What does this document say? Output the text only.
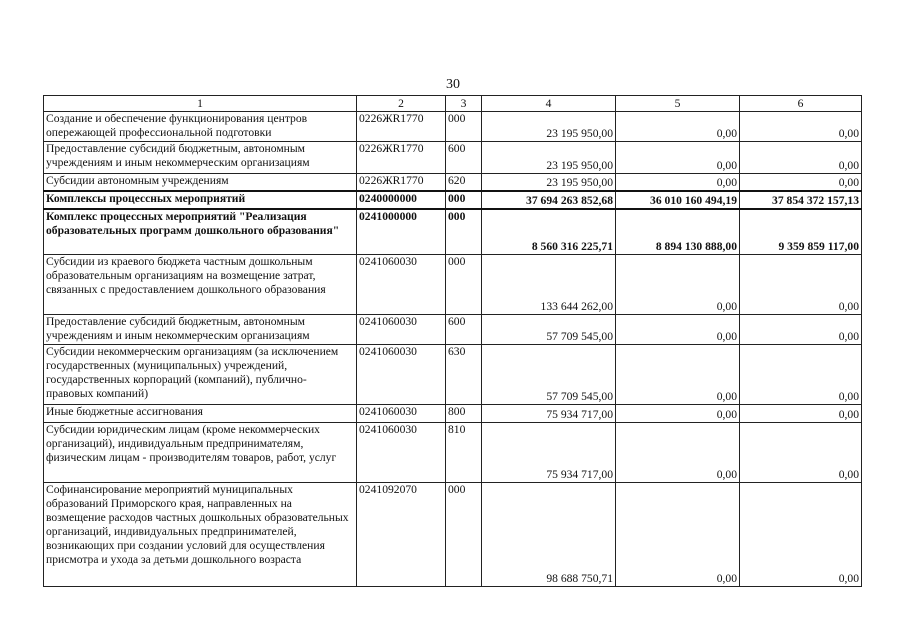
30
1	2	3	4	5	6
Создание и обеспечение функционирования центров опережающей профессиональной подготовки	0226ЖR1770	000	23 195 950,00	0,00	0,00
Предоставление субсидий бюджетным, автономным учреждениям и иным некоммерческим организациям	0226ЖR1770	600	23 195 950,00	0,00	0,00
Субсидии автономным учреждениям	0226ЖR1770	620	23 195 950,00	0,00	0,00
Комплексы процессных мероприятий	0240000000	000	37 694 263 852,68	36 010 160 494,19	37 854 372 157,13
Комплекс процессных мероприятий "Реализация образовательных программ дошкольного образования"	0241000000	000	8 560 316 225,71	8 894 130 888,00	9 359 859 117,00
Субсидии из краевого бюджета частным дошкольным образовательным организациям на возмещение затрат, связанных с предоставлением дошкольного образования	0241060030	000	133 644 262,00	0,00	0,00
Предоставление субсидий бюджетным, автономным учреждениям и иным некоммерческим организациям	0241060030	600	57 709 545,00	0,00	0,00
Субсидии некоммерческим организациям (за исключением государственных (муниципальных) учреждений, государственных корпораций (компаний), публично-правовых компаний)	0241060030	630	57 709 545,00	0,00	0,00
Иные бюджетные ассигнования	0241060030	800	75 934 717,00	0,00	0,00
Субсидии юридическим лицам (кроме некоммерческих организаций), индивидуальным предпринимателям, физическим лицам - производителям товаров, работ, услуг	0241060030	810	75 934 717,00	0,00	0,00
Софинансирование мероприятий муниципальных образований Приморского края, направленных на возмещение расходов частных дошкольных образовательных организаций, индивидуальных предпринимателей, возникающих при создании условий для осуществления присмотра и ухода за детьми дошкольного возраста	0241092070	000	98 688 750,71	0,00	0,00
